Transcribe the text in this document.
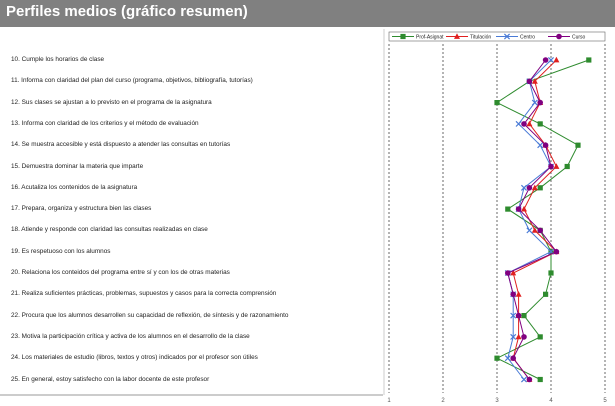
Perfiles medios (gráfico resumen)
10. Cumple los horarios de clase
11. Informa con claridad del plan del curso (programa, objetivos, bibliografía, tutorías)
12. Sus clases se ajustan a lo previsto en el programa de la asignatura
13. Informa con claridad de los criterios y el método de evaluación
14. Se muestra accesible y está dispuesto a atender las consultas en tutorías
15. Demuestra dominar la materia que imparte
16. Acutaliza los contenidos de la asignatura
17. Prepara, organiza y estructura bien las clases
18. Atiende y responde con claridad las consultas realizadas en clase
19. Es respetuoso con los alumnos
20. Relaciona los conteidos del programa entre sí y con los de otras materias
21. Realiza suficientes prácticas, problemas, supuestos y casos para la correcta comprensión
22. Procura que los alumnos desarrollen su capacidad de reflexión, de síntesis y de razonamiento
23. Motiva la participación crítica y activa de los alumnos en el desarrollo de la clase
24. Los materiales de estudio (libros, textos y otros) indicados por el profesor son útiles
25. En general, estoy satisfecho con la labor docente de este profesor
1	2	3	4	5
Prof-Asignat	Titulación	Centro	Curso
